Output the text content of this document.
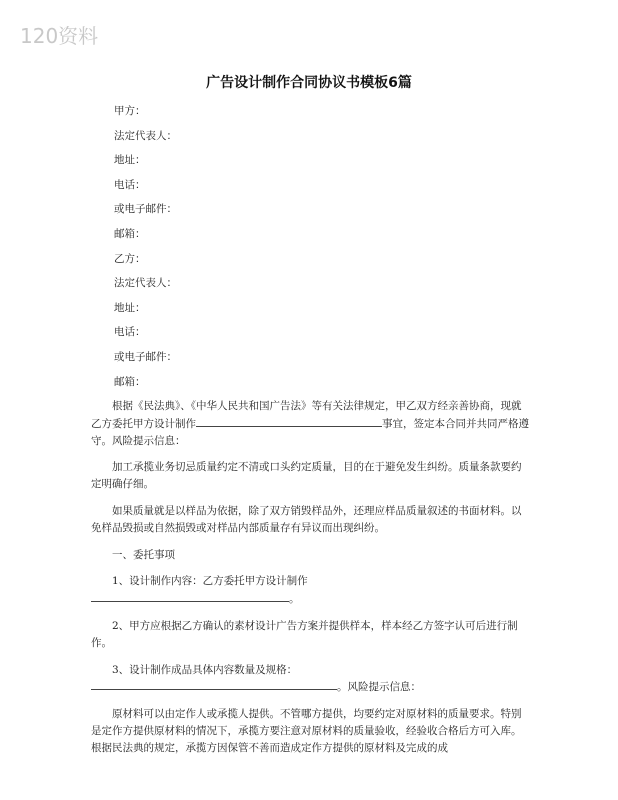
120资料
广告设计制作合同协议书模板6篇
甲方：
法定代表人：
地址：
电话：
或电子邮件：
邮箱：
乙方：
法定代表人：
地址：
电话：
或电子邮件：
邮箱：

根据《民法典》、《中华人民共和国广告法》等有关法律规定，甲乙双方经亲善协商，现就乙方委托甲方设计制作	事宜，签定本合同并共同严格遵守。风险提示信息：

加工承揽业务切忌质量约定不清或口头约定质量，目的在于避免发生纠纷。质量条款要约定明确仔细。

如果质量就是以样品为依据，除了双方销毁样品外，还理应样品质量叙述的书面材料。以免样品毁损或自然损毁或对样品内部质量存有异议而出现纠纷。

一、委托事项

1、设计制作内容：乙方委托甲方设计制作

。

2、甲方应根据乙方确认的素材设计广告方案并提供样本，样本经乙方签字认可后进行制作。

3、设计制作成品具体内容数量及规格：

。风险提示信息：

原材料可以由定作人或承揽人提供。不管哪方提供，均要约定对原材料的质量要求。特别是定作方提供原材料的情况下，承揽方要注意对原材料的质量验收，经验收合格后方可入库。根据民法典的规定，承揽方因保管不善而造成定作方提供的原材料及完成的成
